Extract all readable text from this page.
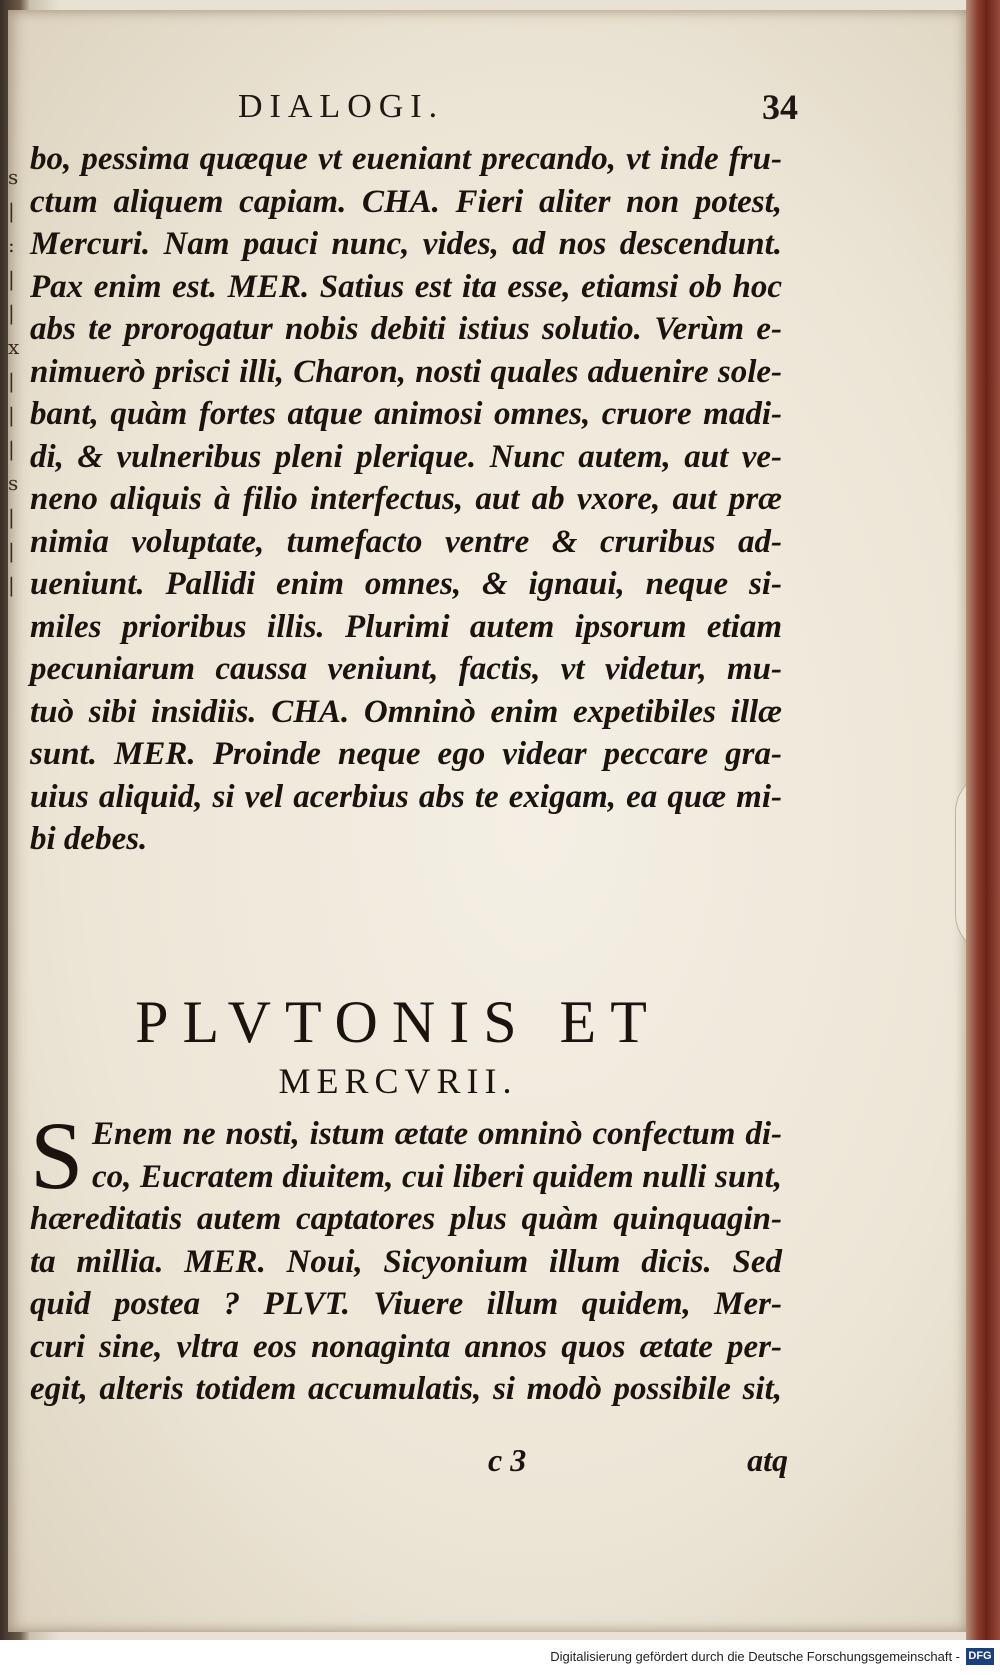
s
|
:
|
|
x
|
|
|
s
|
|
|
DIALOGI.	34
bo, pessima quæque vt eueniant precando, vt inde fru-
ctum aliquem capiam. CHA. Fieri aliter non potest,
Mercuri. Nam pauci nunc, vides, ad nos descendunt.
Pax enim est. MER. Satius est ita esse, etiamsi ob hoc
abs te prorogatur nobis debiti istius solutio. Verùm e-
nimuerò prisci illi, Charon, nosti quales aduenire sole-
bant, quàm fortes atque animosi omnes, cruore madi-
di, & vulneribus pleni plerique. Nunc autem, aut ve-
neno aliquis à filio interfectus, aut ab vxore, aut præ
nimia voluptate, tumefacto ventre & cruribus ad-
ueniunt. Pallidi enim omnes, & ignaui, neque si-
miles prioribus illis. Plurimi autem ipsorum etiam
pecuniarum caussa veniunt, factis, vt videtur, mu-
tuò sibi insidiis. CHA. Omninò enim expetibiles illæ
sunt. MER. Proinde neque ego videar peccare gra-
uius aliquid, si vel acerbius abs te exigam, ea quæ mi-
bi debes.
PLVTONIS ET
MERCVRII.
S Enem ne nosti, istum ætate omninò confectum di-
co, Eucratem diuitem, cui liberi quidem nulli sunt,
hæreditatis autem captatores plus quàm quinquagin-
ta millia. MER. Noui, Sicyonium illum dicis. Sed
quid postea ? PLVT. Viuere illum quidem, Mer-
curi sine, vltra eos nonaginta annos quos ætate per-
egit, alteris totidem accumulatis, si modò possibile sit,
c 3	atq
Digitalisierung gefördert durch die Deutsche Forschungsgemeinschaft - DFG
